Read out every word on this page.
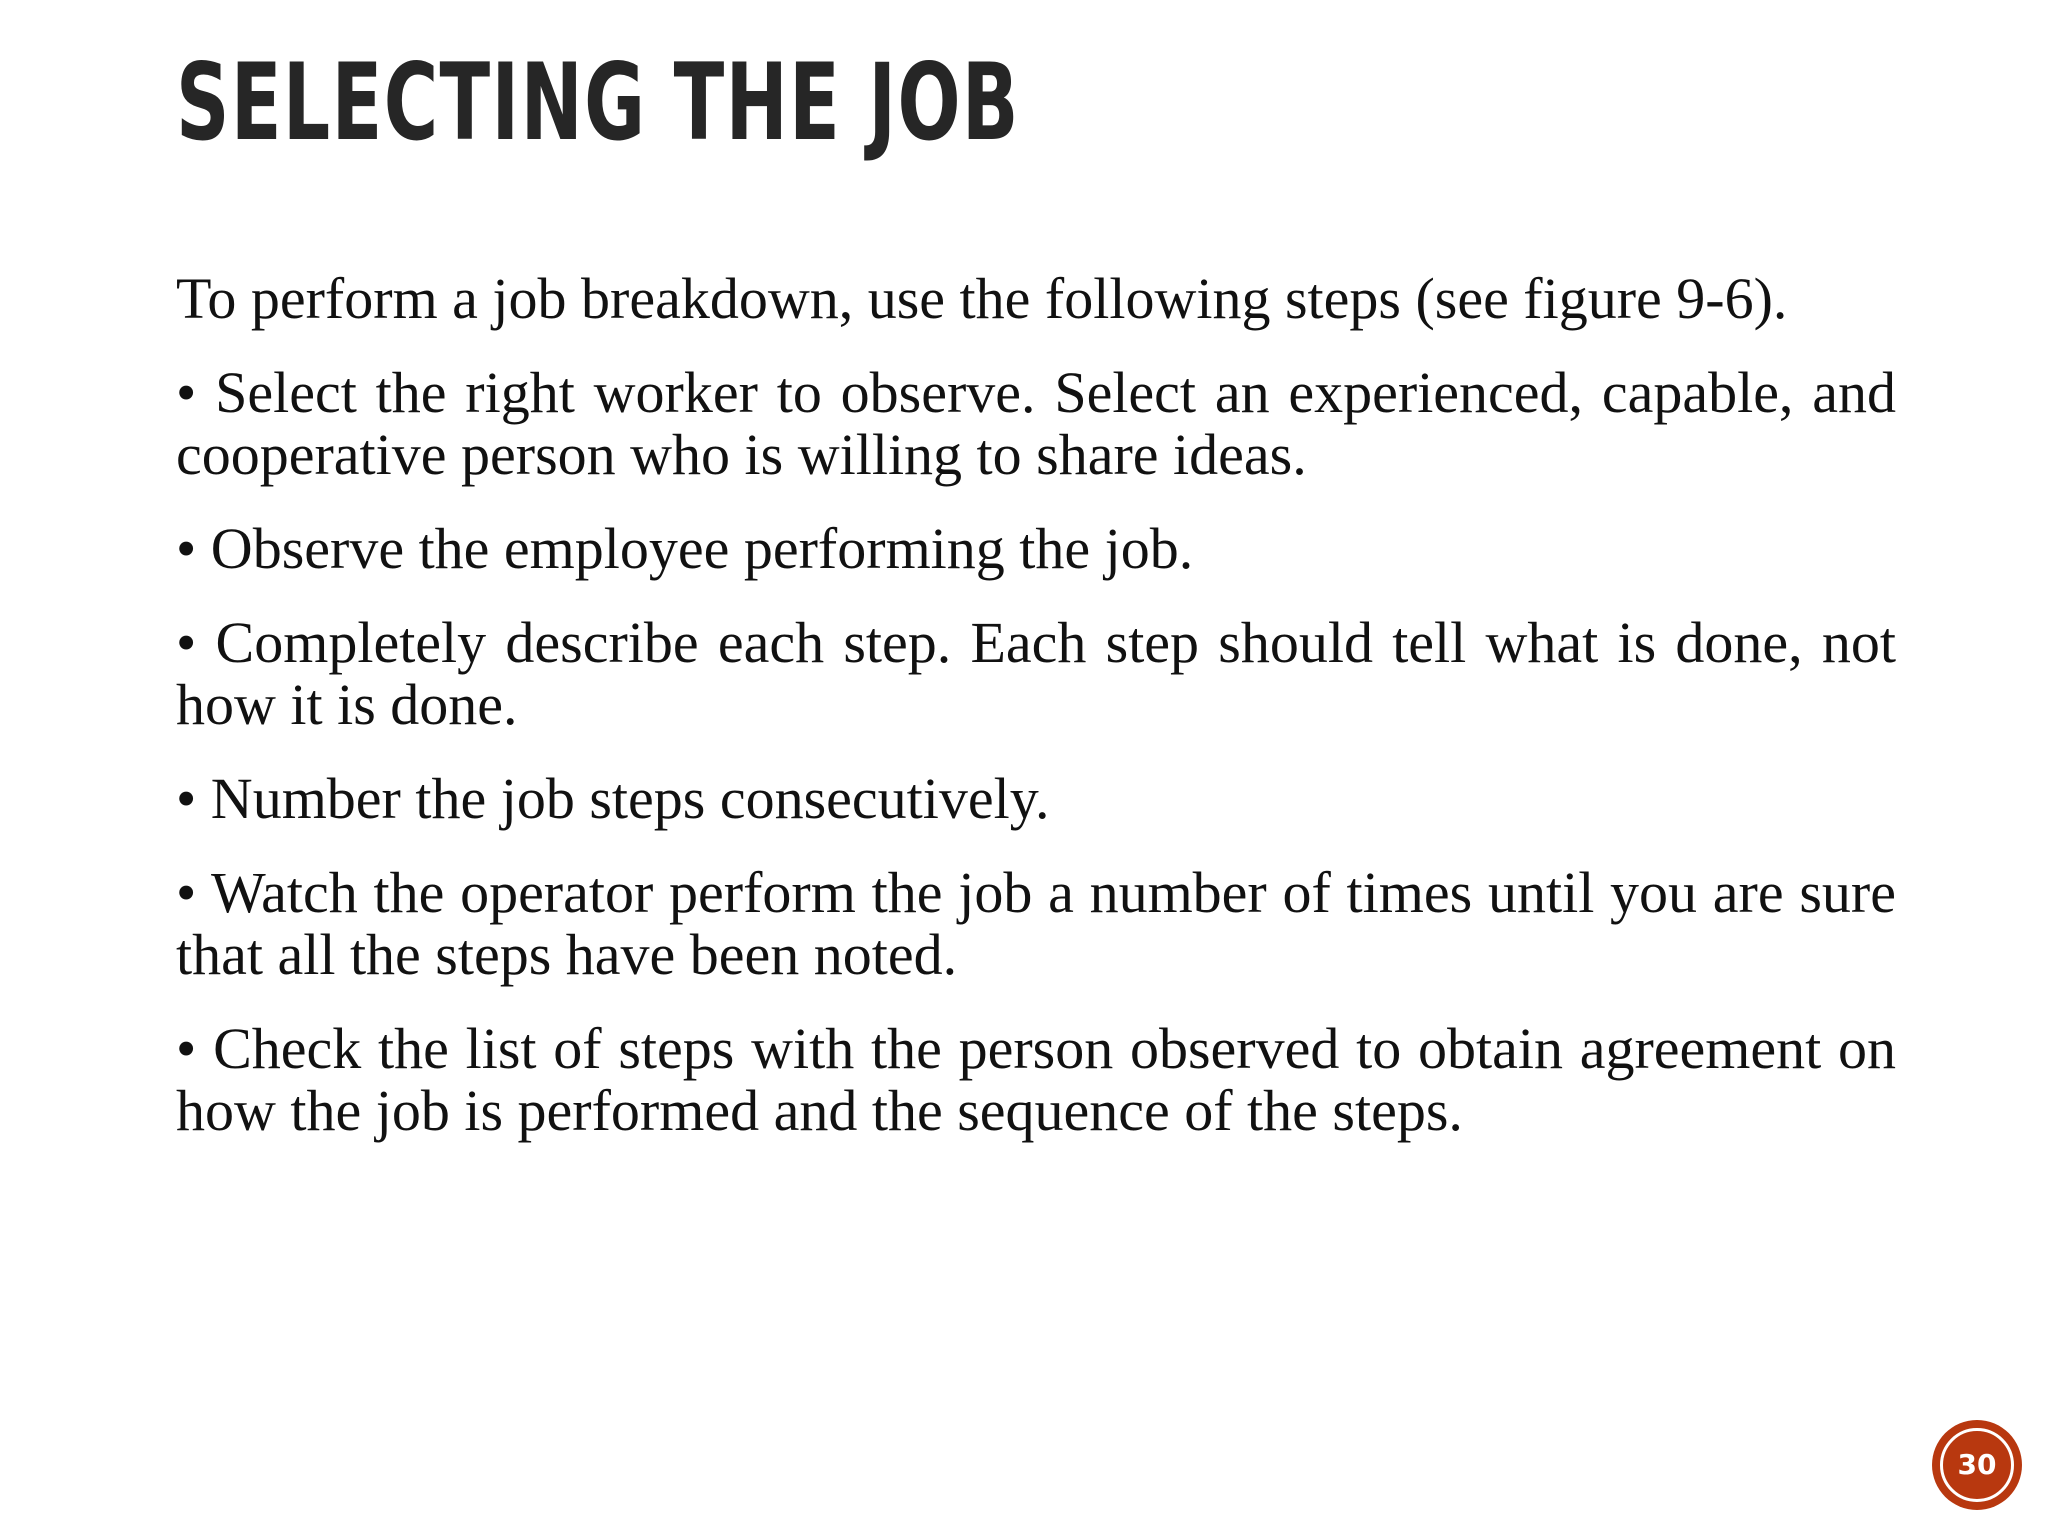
SELECTING THE JOB

To perform a job breakdown, use the following steps (see figure 9-6).

• Select the right worker to observe. Select an experienced, capable, and cooperative person who is willing to share ideas.

• Observe the employee performing the job.

• Completely describe each step. Each step should tell what is done, not how it is done.

• Number the job steps consecutively.

• Watch the operator perform the job a number of times until you are sure that all the steps have been noted.

• Check the list of steps with the person observed to obtain agreement on how the job is performed and the sequence of the steps.

30
